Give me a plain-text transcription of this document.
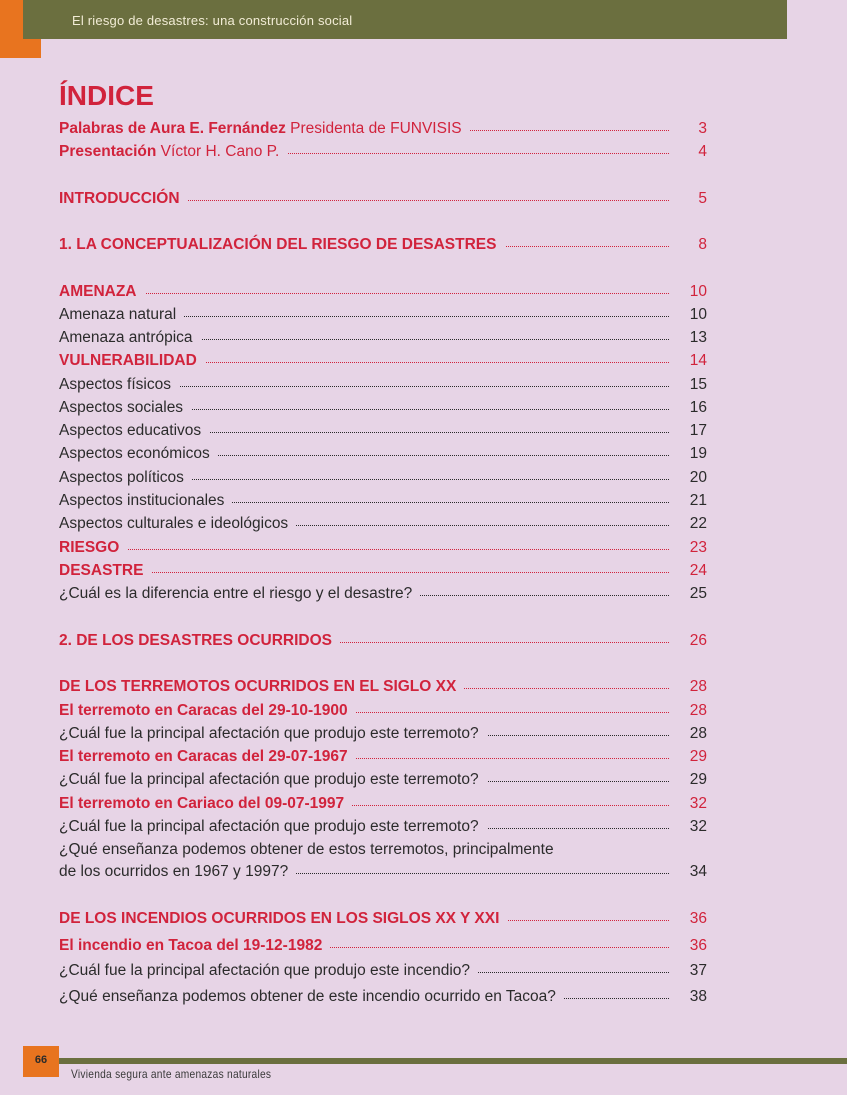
El riesgo de desastres: una construcción social
ÍNDICE
Palabras de Aura E. Fernández Presidenta de FUNVISIS	3
Presentación Víctor H. Cano P.	4
INTRODUCCIÓN	5
1. LA CONCEPTUALIZACIÓN DEL RIESGO DE DESASTRES	8
AMENAZA	10
Amenaza natural	10
Amenaza antrópica	13
VULNERABILIDAD	14
Aspectos físicos	15
Aspectos sociales	16
Aspectos educativos	17
Aspectos económicos	19
Aspectos políticos	20
Aspectos institucionales	21
Aspectos culturales e ideológicos	22
RIESGO	23
DESASTRE	24
¿Cuál es la diferencia entre el riesgo y el desastre?	25
2. DE LOS DESASTRES OCURRIDOS	26
DE LOS TERREMOTOS OCURRIDOS EN EL SIGLO XX	28
El terremoto en Caracas del 29-10-1900	28
¿Cuál fue la principal afectación que produjo este terremoto?	28
El terremoto en Caracas del 29-07-1967	29
¿Cuál fue la principal afectación que produjo este terremoto?	29
El terremoto en Cariaco del 09-07-1997	32
¿Cuál fue la principal afectación que produjo este terremoto?	32
¿Qué enseñanza podemos obtener de estos terremotos, principalmente
de los ocurridos en 1967 y 1997?	34
DE LOS INCENDIOS OCURRIDOS EN LOS SIGLOS XX Y XXI	36
El incendio en Tacoa del 19-12-1982	36
¿Cuál fue la principal afectación que produjo este incendio?	37
¿Qué enseñanza podemos obtener de este incendio ocurrido en Tacoa?	38
66
Vivienda segura ante amenazas naturales
